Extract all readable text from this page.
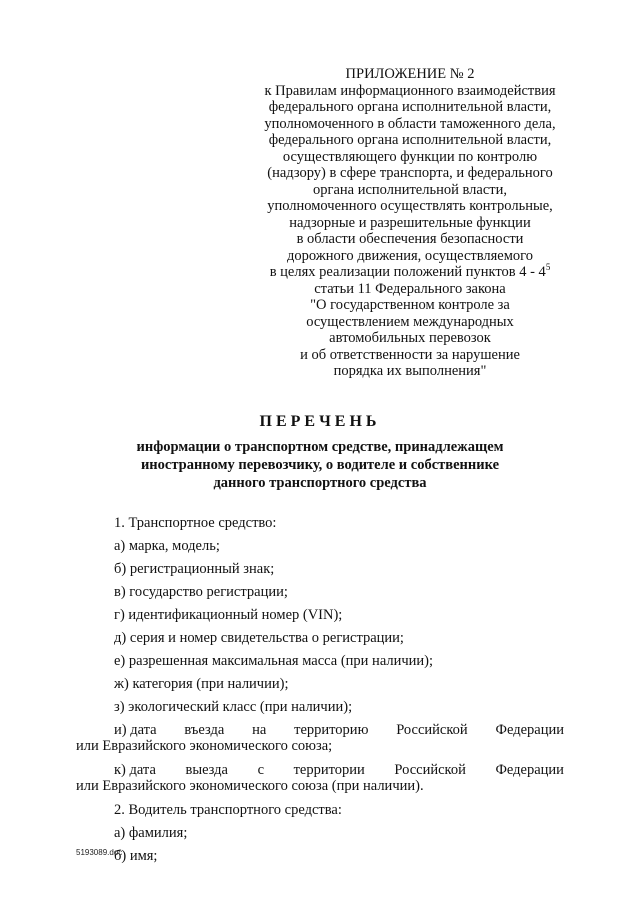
ПРИЛОЖЕНИЕ № 2
к Правилам информационного взаимодействия
федерального органа исполнительной власти,
уполномоченного в области таможенного дела,
федерального органа исполнительной власти,
осуществляющего функции по контролю
(надзору) в сфере транспорта, и федерального
органа исполнительной власти,
уполномоченного осуществлять контрольные,
надзорные и разрешительные функции
в области обеспечения безопасности
дорожного движения, осуществляемого
в целях реализации положений пунктов $4 - 4^5$
статьи 11 Федерального закона
"О государственном контроле за
осуществлением международных
автомобильных перевозок
и об ответственности за нарушение
порядка их выполнения"
ПЕРЕЧЕНЬ
информации о транспортном средстве, принадлежащем
иностранному перевозчику, о водителе и собственнике
данного транспортного средства
1. Транспортное средство:
а) марка, модель;
б) регистрационный знак;
в) государство регистрации;
г) идентификационный номер (VIN);
д) серия и номер свидетельства о регистрации;
е) разрешенная максимальная масса (при наличии);
ж) категория (при наличии);
з) экологический класс (при наличии);
и) дата въезда на территорию Российской Федерации
или Евразийского экономического союза;
к) дата выезда с территории Российской Федерации
или Евразийского экономического союза (при наличии).
2. Водитель транспортного средства:
а) фамилия;
б) имя;
5193089.doc
